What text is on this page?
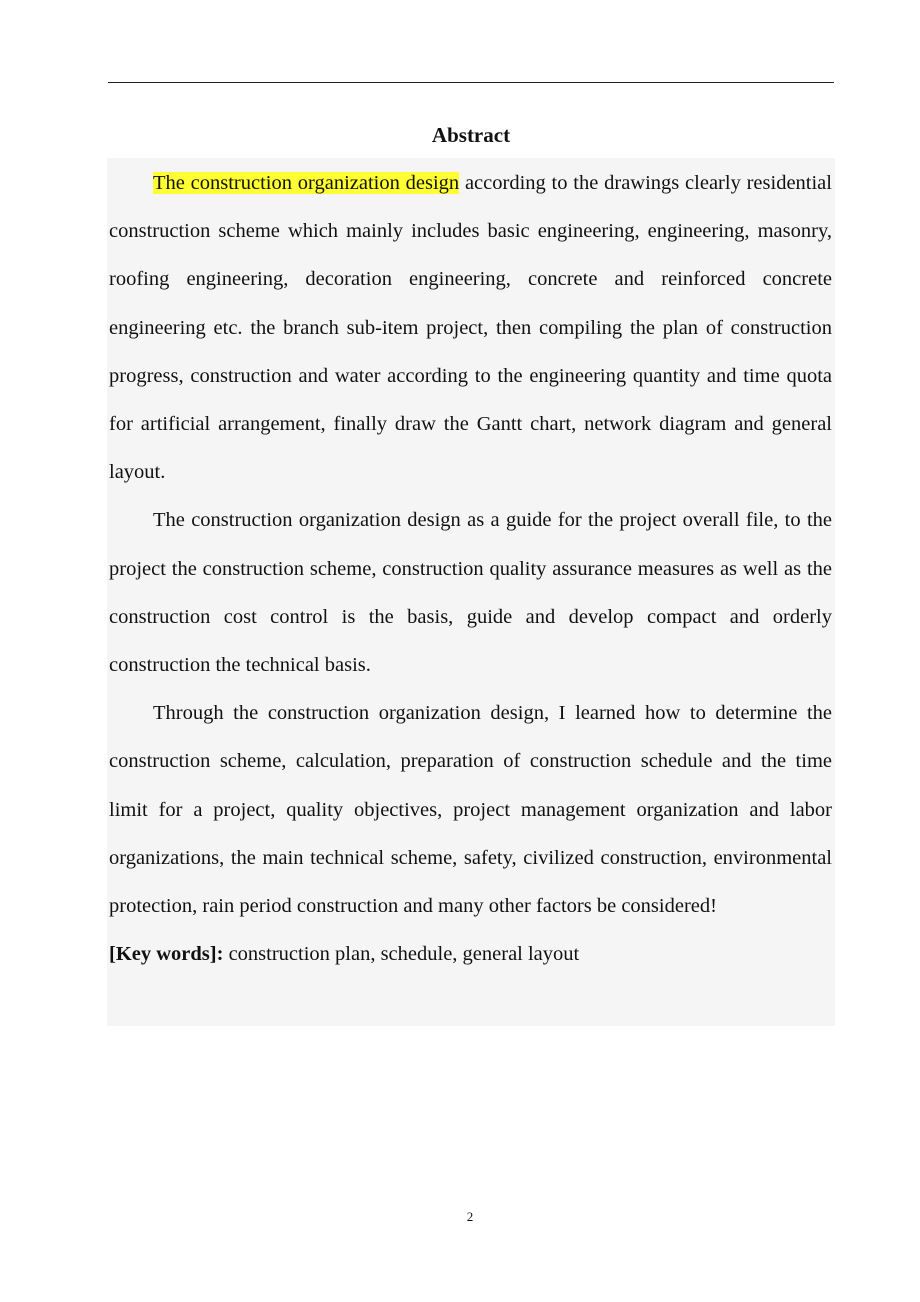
Abstract

The construction organization design according to the drawings clearly residential construction scheme which mainly includes basic engineering, engineering, masonry, roofing engineering, decoration engineering, concrete and reinforced concrete engineering etc. the branch sub-item project, then compiling the plan of construction progress, construction and water according to the engineering quantity and time quota for artificial arrangement, finally draw the Gantt chart, network diagram and general layout.

The construction organization design as a guide for the project overall file, to the project the construction scheme, construction quality assurance measures as well as the construction cost control is the basis, guide and develop compact and orderly construction the technical basis.

Through the construction organization design, I learned how to determine the construction scheme, calculation, preparation of construction schedule and the time limit for a project, quality objectives, project management organization and labor organizations, the main technical scheme, safety, civilized construction, environmental protection, rain period construction and many other factors be considered!

[Key words]: construction plan, schedule, general layout

2
